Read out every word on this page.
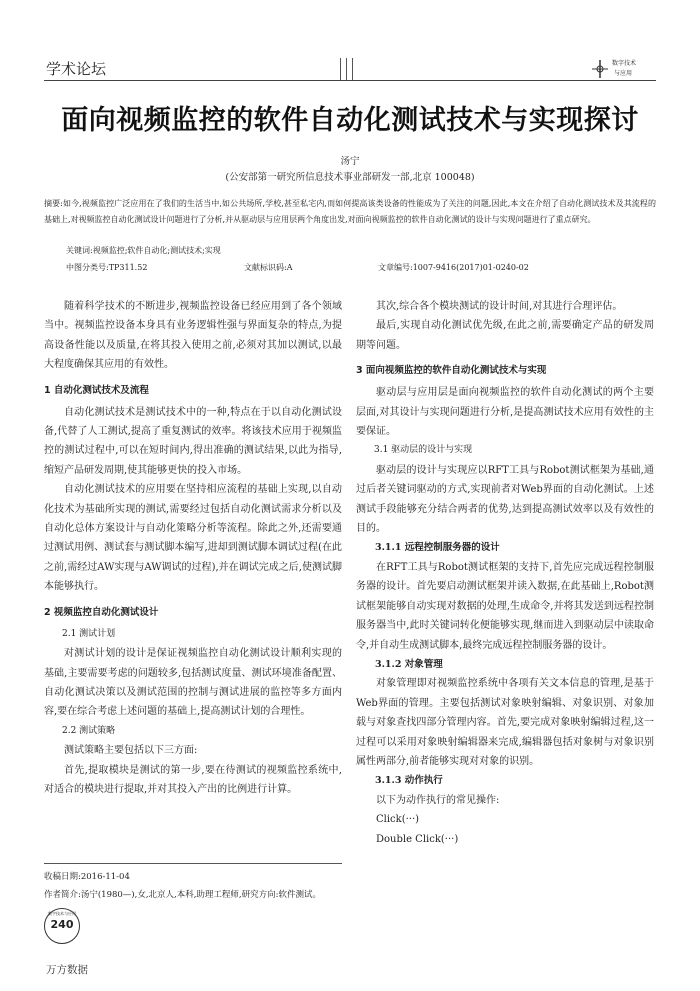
学术论坛	数字技术
与应用
面向视频监控的软件自动化测试技术与实现探讨
汤宁
(公安部第一研究所信息技术事业部研发一部,北京 100048)
摘要:如今,视频监控广泛应用在了我们的生活当中,如公共场所,学校,甚至私宅内,而如何提高该类设备的性能成为了关注的问题,因此,本文在介绍了自动化测试技术及其流程的基础上,对视频监控自动化测试设计问题进行了分析,并从驱动层与应用层两个角度出发,对面向视频监控的软件自动化测试的设计与实现问题进行了重点研究。
关键词:视频监控;软件自动化;测试技术;实现
中图分类号:TP311.52	文献标识码:A	文章编号:1007-9416(2017)01-0240-02

随着科学技术的不断进步,视频监控设备已经应用到了各个领域当中。视频监控设备本身具有业务逻辑性强与界面复杂的特点,为提高设备性能以及质量,在将其投入使用之前,必须对其加以测试,以最大程度确保其应用的有效性。

1 自动化测试技术及流程

自动化测试技术是测试技术中的一种,特点在于以自动化测试设备,代替了人工测试,提高了重复测试的效率。将该技术应用于视频监控的测试过程中,可以在短时间内,得出准确的测试结果,以此为指导,缩短产品研发周期,使其能够更快的投入市场。

自动化测试技术的应用要在坚持相应流程的基础上实现,以自动化技术为基础所实现的测试,需要经过包括自动化测试需求分析以及自动化总体方案设计与自动化策略分析等流程。除此之外,还需要通过测试用例、测试套与测试脚本编写,进却到测试脚本调试过程(在此之前,需经过AW实现与AW调试的过程),并在调试完成之后,使测试脚本能够执行。

2 视频监控自动化测试设计

2.1 测试计划

对测试计划的设计是保证视频监控自动化测试设计顺利实现的基础,主要需要考虑的问题较多,包括测试度量、测试环境准备配置、自动化测试决策以及测试范围的控制与测试进展的监控等多方面内容,要在综合考虑上述问题的基础上,提高测试计划的合理性。

2.2 测试策略

测试策略主要包括以下三方面:

首先,提取模块是测试的第一步,要在待测试的视频监控系统中,对适合的模块进行提取,并对其投入产出的比例进行计算。

其次,综合各个模块测试的设计时间,对其进行合理评估。

最后,实现自动化测试优先级,在此之前,需要确定产品的研发周期等问题。

3 面向视频监控的软件自动化测试技术与实现

驱动层与应用层是面向视频监控的软件自动化测试的两个主要层面,对其设计与实现问题进行分析,是提高测试技术应用有效性的主要保证。

3.1 驱动层的设计与实现

驱动层的设计与实现应以RFT工具与Robot测试框架为基础,通过后者关键词驱动的方式,实现前者对Web界面的自动化测试。上述测试手段能够充分结合两者的优势,达到提高测试效率以及有效性的目的。

3.1.1 远程控制服务器的设计

在RFT工具与Robot测试框架的支持下,首先应完成远程控制服务器的设计。首先要启动测试框架并读入数据,在此基础上,Robot测试框架能够自动实现对数据的处理,生成命令,并将其发送到远程控制服务器当中,此时关键词转化便能够实现,继而进入到驱动层中读取命令,并自动生成测试脚本,最终完成远程控制服务器的设计。

3.1.2 对象管理

对象管理即对视频监控系统中各项有关文本信息的管理,是基于Web界面的管理。主要包括测试对象映射编辑、对象识别、对象加载与对象查找四部分管理内容。首先,要完成对象映射编辑过程,这一过程可以采用对象映射编辑器来完成,编辑器包括对象树与对象识别属性两部分,前者能够实现对对象的识别。

3.1.3 动作执行

以下为动作执行的常见操作:

Click(···)

Double Click(···)

收稿日期:2016-11-04
作者简介:汤宁(1980—),女,北京人,本科,助理工程师,研究方向:软件测试。
数字技术与应用
240
万方数据
